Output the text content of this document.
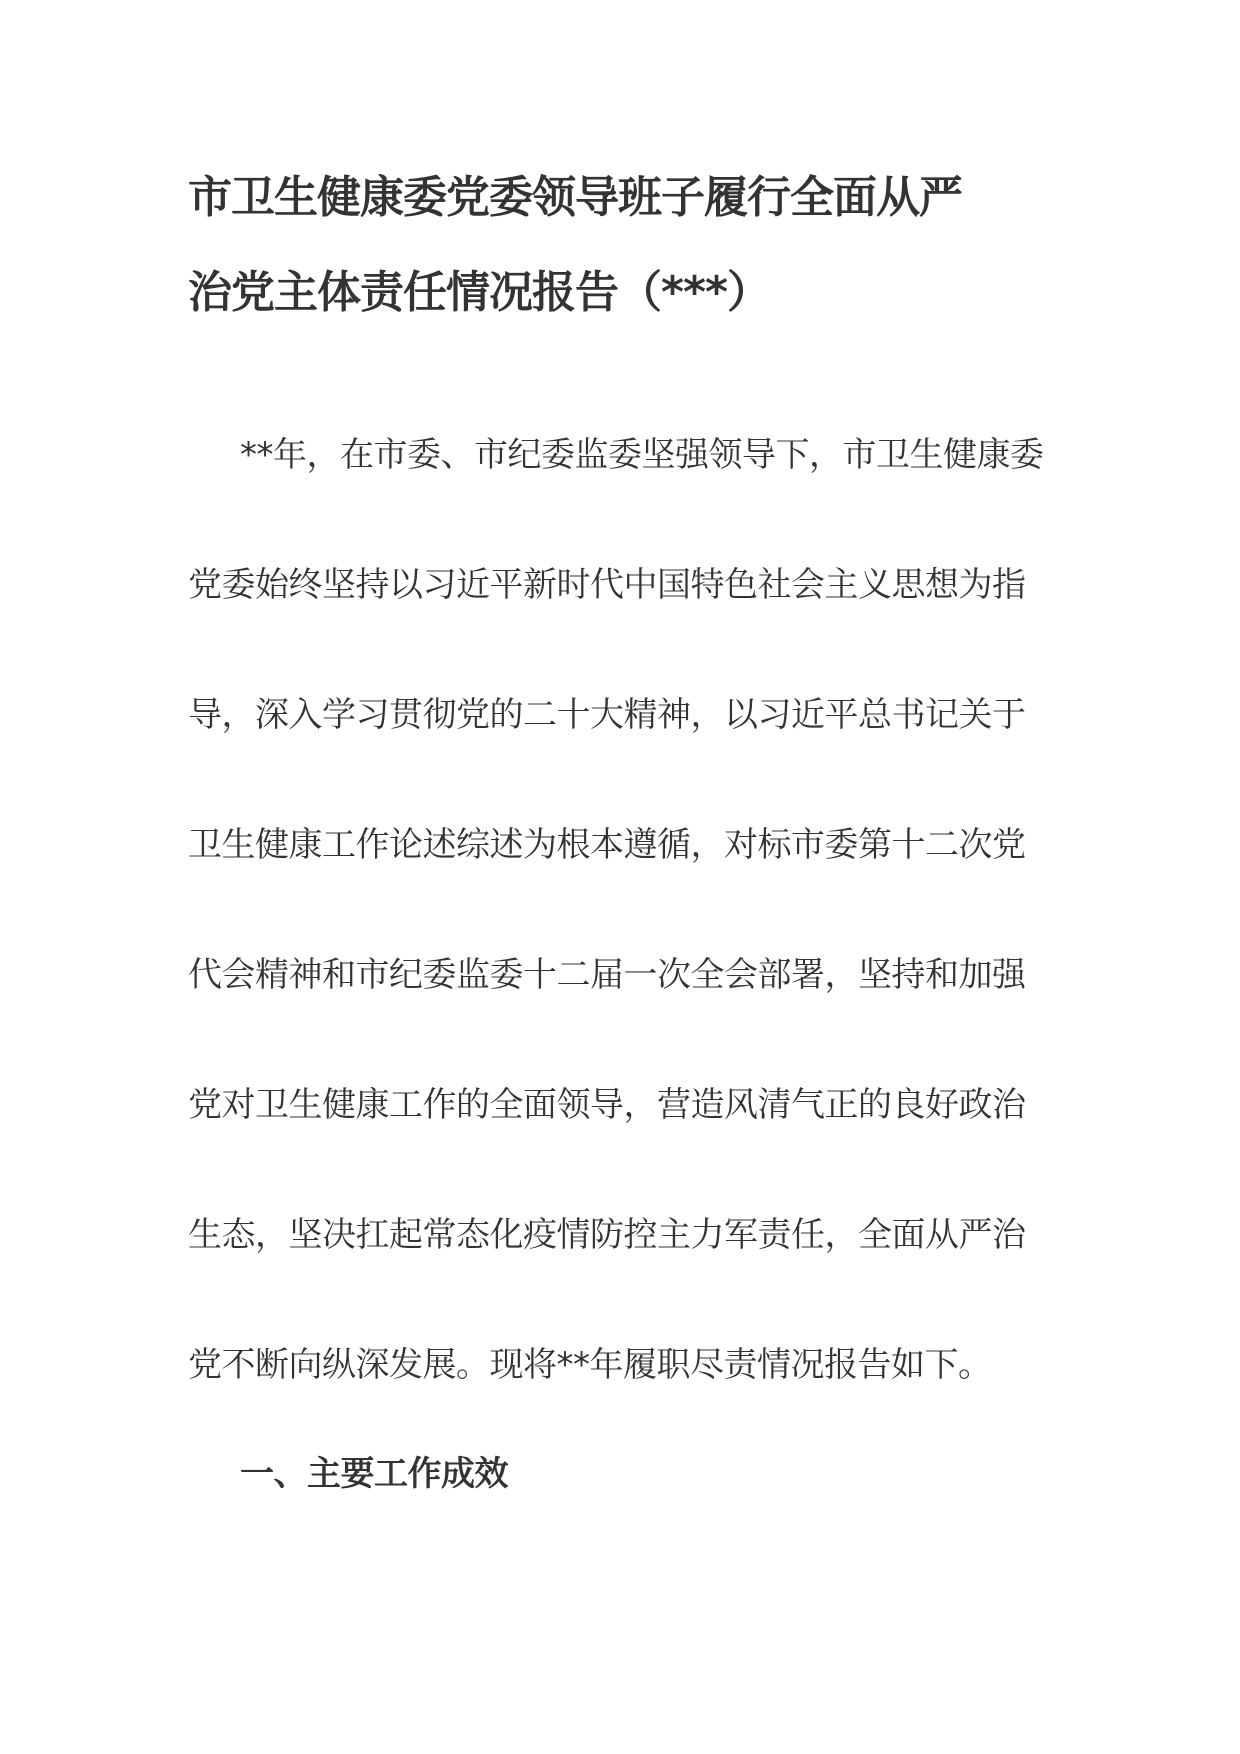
市卫生健康委党委领导班子履行全面从严
治党主体责任情况报告（***）
**年，在市委、市纪委监委坚强领导下，市卫生健康委
党委始终坚持以习近平新时代中国特色社会主义思想为指
导，深入学习贯彻党的二十大精神，以习近平总书记关于
卫生健康工作论述综述为根本遵循，对标市委第十二次党
代会精神和市纪委监委十二届一次全会部署，坚持和加强
党对卫生健康工作的全面领导，营造风清气正的良好政治
生态，坚决扛起常态化疫情防控主力军责任，全面从严治
党不断向纵深发展。现将**年履职尽责情况报告如下。
一、主要工作成效
